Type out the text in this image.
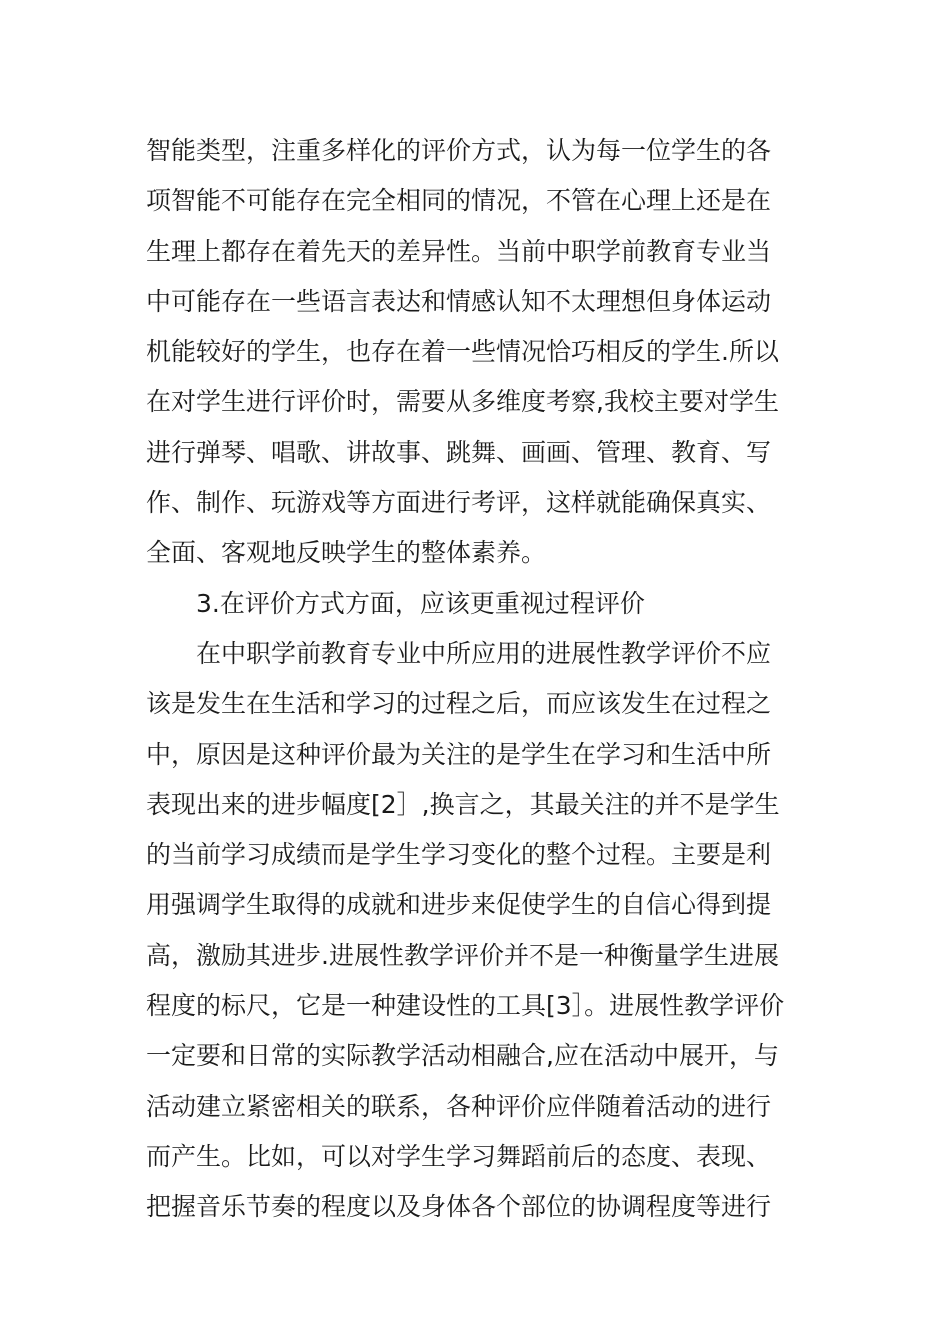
智能类型，注重多样化的评价方式，认为每一位学生的各
项智能不可能存在完全相同的情况，不管在心理上还是在
生理上都存在着先天的差异性。当前中职学前教育专业当
中可能存在一些语言表达和情感认知不太理想但身体运动
机能较好的学生，也存在着一些情况恰巧相反的学生.所以
在对学生进行评价时，需要从多维度考察,我校主要对学生
进行弹琴、唱歌、讲故事、跳舞、画画、管理、教育、写
作、制作、玩游戏等方面进行考评，这样就能确保真实、
全面、客观地反映学生的整体素养。
3.在评价方式方面，应该更重视过程评价
在中职学前教育专业中所应用的进展性教学评价不应
该是发生在生活和学习的过程之后，而应该发生在过程之
中，原因是这种评价最为关注的是学生在学习和生活中所
表现出来的进步幅度[2］,换言之，其最关注的并不是学生
的当前学习成绩而是学生学习变化的整个过程。主要是利
用强调学生取得的成就和进步来促使学生的自信心得到提
高，激励其进步.进展性教学评价并不是一种衡量学生进展
程度的标尺，它是一种建设性的工具[3］。进展性教学评价
一定要和日常的实际教学活动相融合,应在活动中展开，与
活动建立紧密相关的联系，各种评价应伴随着活动的进行
而产生。比如，可以对学生学习舞蹈前后的态度、表现、
把握音乐节奏的程度以及身体各个部位的协调程度等进行
